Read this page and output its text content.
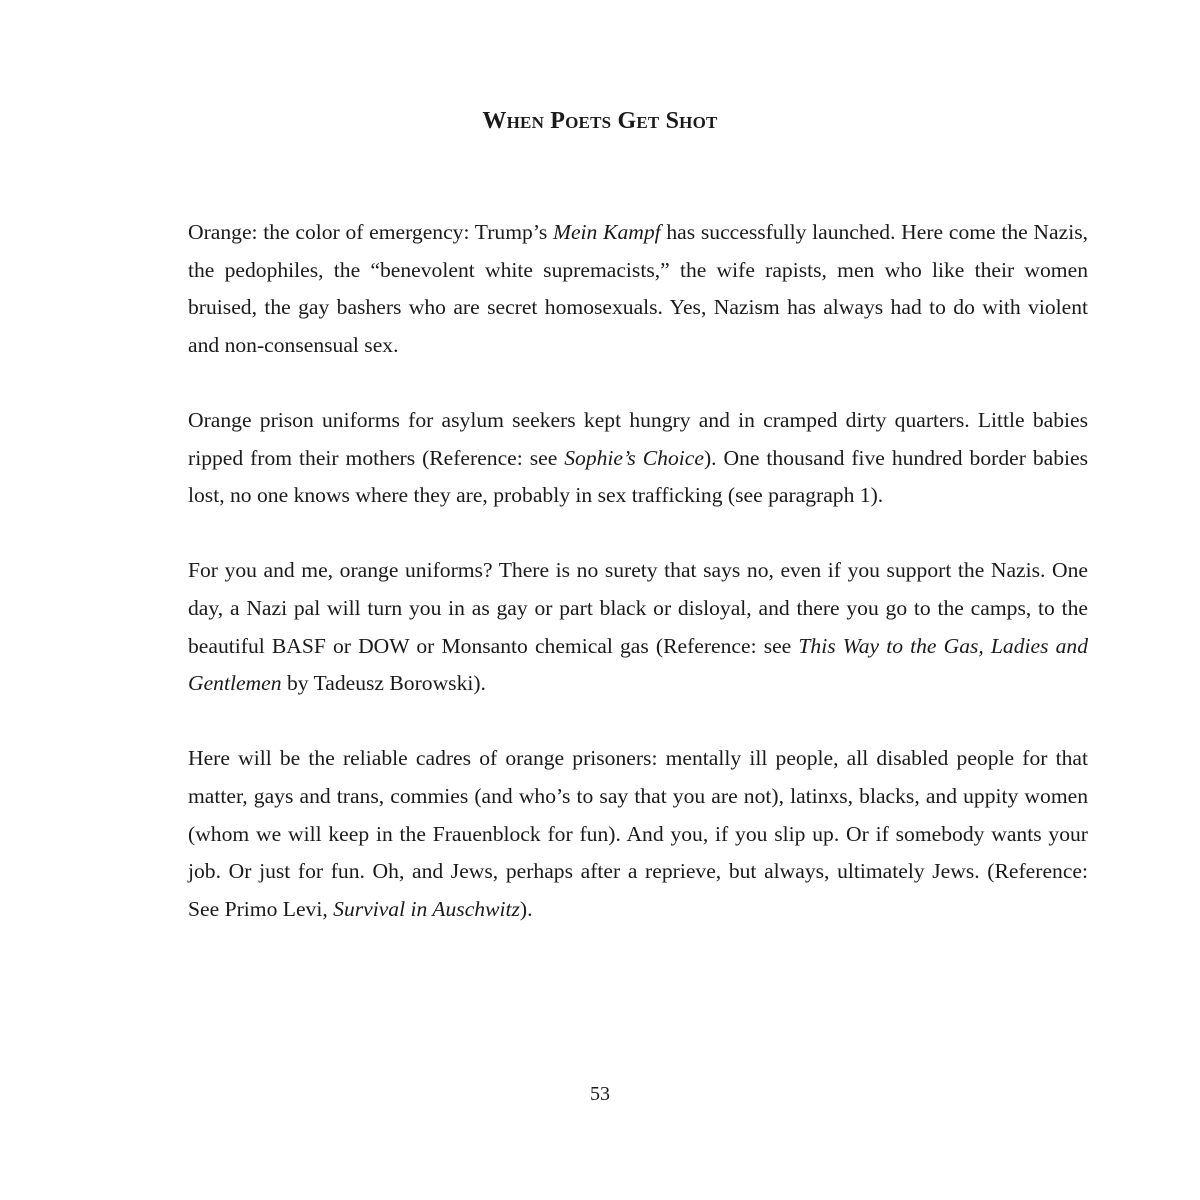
When Poets Get Shot

Orange: the color of emergency: Trump’s Mein Kampf has successfully launched. Here come the Nazis, the pedophiles, the “benevolent white supremacists,” the wife rapists, men who like their women bruised, the gay bashers who are secret homosexuals. Yes, Nazism has always had to do with violent and non-consensual sex.

Orange prison uniforms for asylum seekers kept hungry and in cramped dirty quarters. Little babies ripped from their mothers (Reference: see Sophie’s Choice). One thousand five hundred border babies lost, no one knows where they are, probably in sex trafficking (see paragraph 1).

For you and me, orange uniforms? There is no surety that says no, even if you support the Nazis. One day, a Nazi pal will turn you in as gay or part black or disloyal, and there you go to the camps, to the beautiful BASF or DOW or Monsanto chemical gas (Reference: see This Way to the Gas, Ladies and Gentlemen by Tadeusz Borowski).

Here will be the reliable cadres of orange prisoners: mentally ill people, all disabled people for that matter, gays and trans, commies (and who’s to say that you are not), latinxs, blacks, and uppity women (whom we will keep in the Frauenblock for fun). And you, if you slip up. Or if somebody wants your job. Or just for fun. Oh, and Jews, perhaps after a reprieve, but always, ultimately Jews. (Reference: See Primo Levi, Survival in Auschwitz).

53
